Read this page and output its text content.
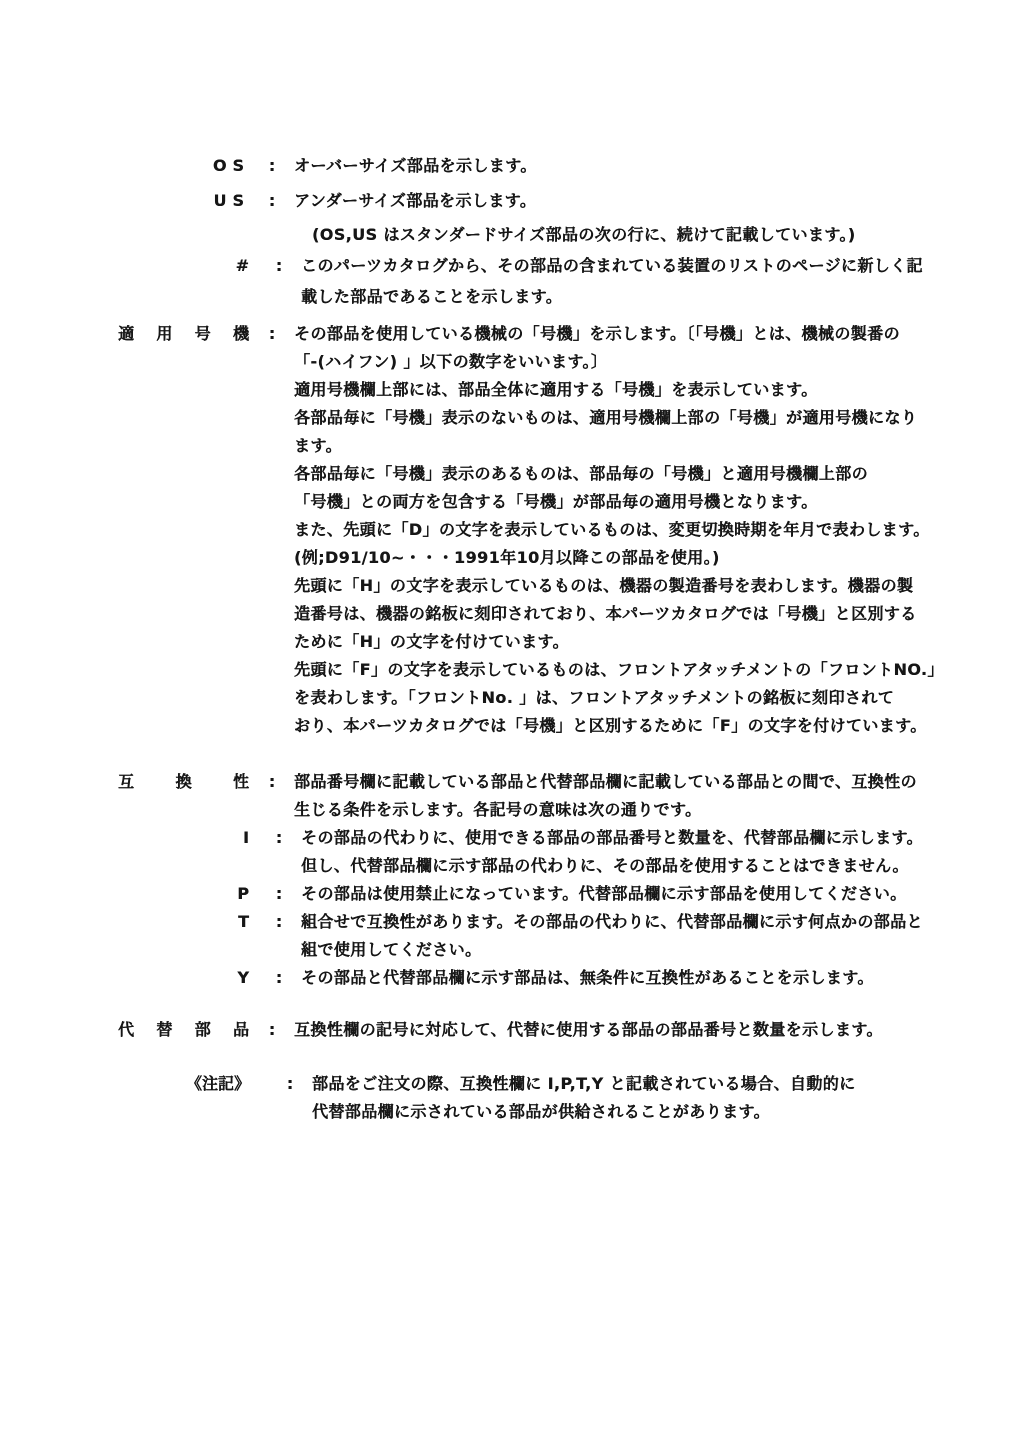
OS	:	オーバーサイズ部品を示します。
US	:	アンダーサイズ部品を示します。
(OS,US はスタンダードサイズ部品の次の行に、続けて記載しています。)
#	:	このパーツカタログから、その部品の含まれている装置のリストのページに新しく記
載した部品であることを示します。
適 用 号 機	:	その部品を使用している機械の「号機」を示します。〔「号機」とは、機械の製番の
「-(ハイフン) 」以下の数字をいいます。〕
適用号機欄上部には、部品全体に適用する「号機」を表示しています。
各部品毎に「号機」表示のないものは、適用号機欄上部の「号機」が適用号機になり
ます。
各部品毎に「号機」表示のあるものは、部品毎の「号機」と適用号機欄上部の
「号機」との両方を包含する「号機」が部品毎の適用号機となります。
また、先頭に「D」の文字を表示しているものは、変更切換時期を年月で表わします。
(例;D91/10~・・・1991年10月以降この部品を使用。)
先頭に「H」の文字を表示しているものは、機器の製造番号を表わします。機器の製
造番号は、機器の銘板に刻印されており、本パーツカタログでは「号機」と区別する
ために「H」の文字を付けています。
先頭に「F」の文字を表示しているものは、フロントアタッチメントの「フロントNO.」
を表わします。「フロントNo. 」は、フロントアタッチメントの銘板に刻印されて
おり、本パーツカタログでは「号機」と区別するために「F」の文字を付けています。
互 換 性	:	部品番号欄に記載している部品と代替部品欄に記載している部品との間で、互換性の
生じる条件を示します。各記号の意味は次の通りです。
I	:	その部品の代わりに、使用できる部品の部品番号と数量を、代替部品欄に示します。
但し、代替部品欄に示す部品の代わりに、その部品を使用することはできません。
P	:	その部品は使用禁止になっています。代替部品欄に示す部品を使用してください。
T	:	組合せで互換性があります。その部品の代わりに、代替部品欄に示す何点かの部品と
組で使用してください。
Y	:	その部品と代替部品欄に示す部品は、無条件に互換性があることを示します。
代 替 部 品	:	互換性欄の記号に対応して、代替に使用する部品の部品番号と数量を示します。
《注記》	:	部品をご注文の際、互換性欄に I,P,T,Y と記載されている場合、自動的に
代替部品欄に示されている部品が供給されることがあります。
